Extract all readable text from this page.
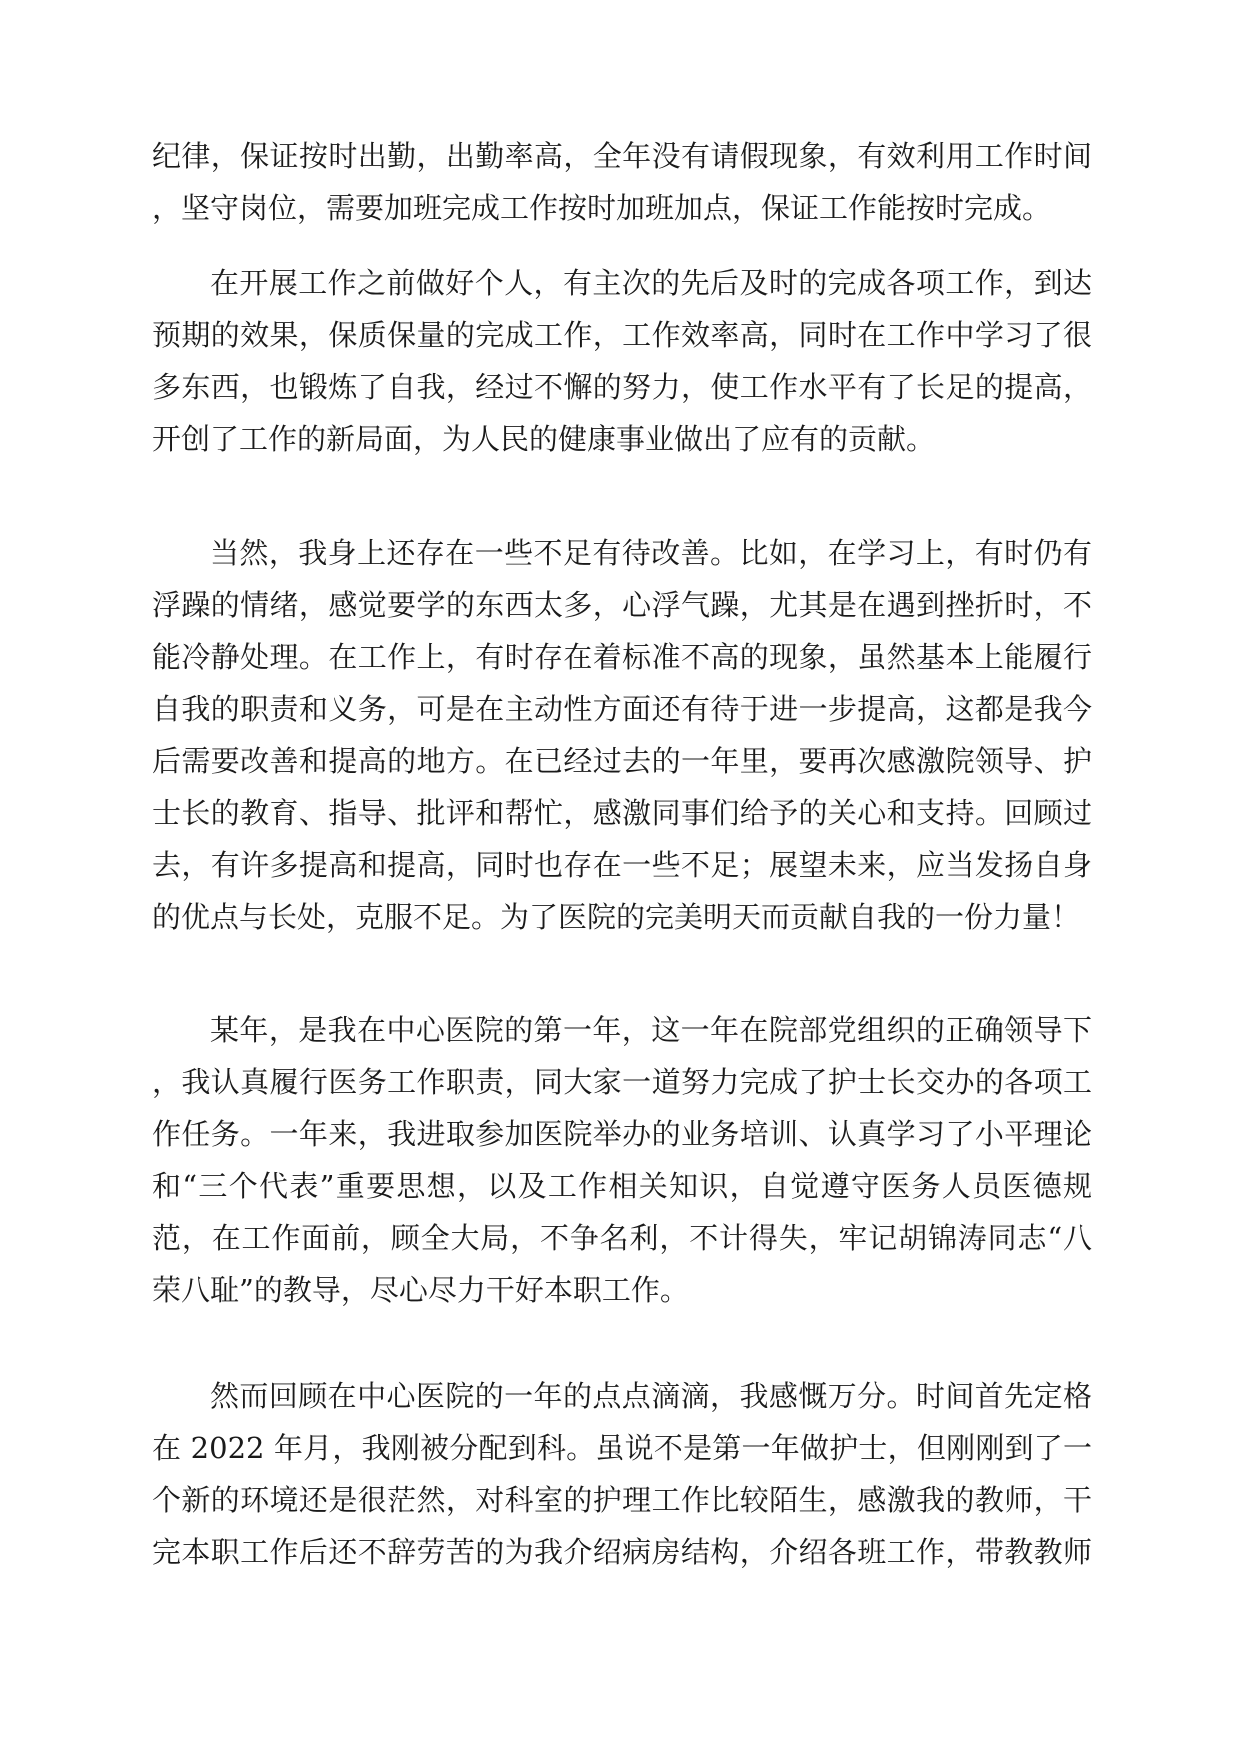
纪律，保证按时出勤，出勤率高，全年没有请假现象，有效利用工作时间
，坚守岗位，需要加班完成工作按时加班加点，保证工作能按时完成。
在开展工作之前做好个人，有主次的先后及时的完成各项工作，到达
预期的效果，保质保量的完成工作，工作效率高，同时在工作中学习了很
多东西，也锻炼了自我，经过不懈的努力，使工作水平有了长足的提高，
开创了工作的新局面，为人民的健康事业做出了应有的贡献。
当然，我身上还存在一些不足有待改善。比如，在学习上，有时仍有
浮躁的情绪，感觉要学的东西太多，心浮气躁，尤其是在遇到挫折时，不
能冷静处理。在工作上，有时存在着标准不高的现象，虽然基本上能履行
自我的职责和义务，可是在主动性方面还有待于进一步提高，这都是我今
后需要改善和提高的地方。在已经过去的一年里，要再次感激院领导、护
士长的教育、指导、批评和帮忙，感激同事们给予的关心和支持。回顾过
去，有许多提高和提高，同时也存在一些不足；展望未来，应当发扬自身
的优点与长处，克服不足。为了医院的完美明天而贡献自我的一份力量！
某年，是我在中心医院的第一年，这一年在院部党组织的正确领导下
，我认真履行医务工作职责，同大家一道努力完成了护士长交办的各项工
作任务。一年来，我进取参加医院举办的业务培训、认真学习了小平理论
和“三个代表”重要思想，以及工作相关知识，自觉遵守医务人员医德规
范，在工作面前，顾全大局，不争名利，不计得失，牢记胡锦涛同志“八
荣八耻”的教导，尽心尽力干好本职工作。
然而回顾在中心医院的一年的点点滴滴，我感慨万分。时间首先定格
在 2022 年月，我刚被分配到科。虽说不是第一年做护士，但刚刚到了一
个新的环境还是很茫然，对科室的护理工作比较陌生，感激我的教师，干
完本职工作后还不辞劳苦的为我介绍病房结构，介绍各班工作，带教教师
